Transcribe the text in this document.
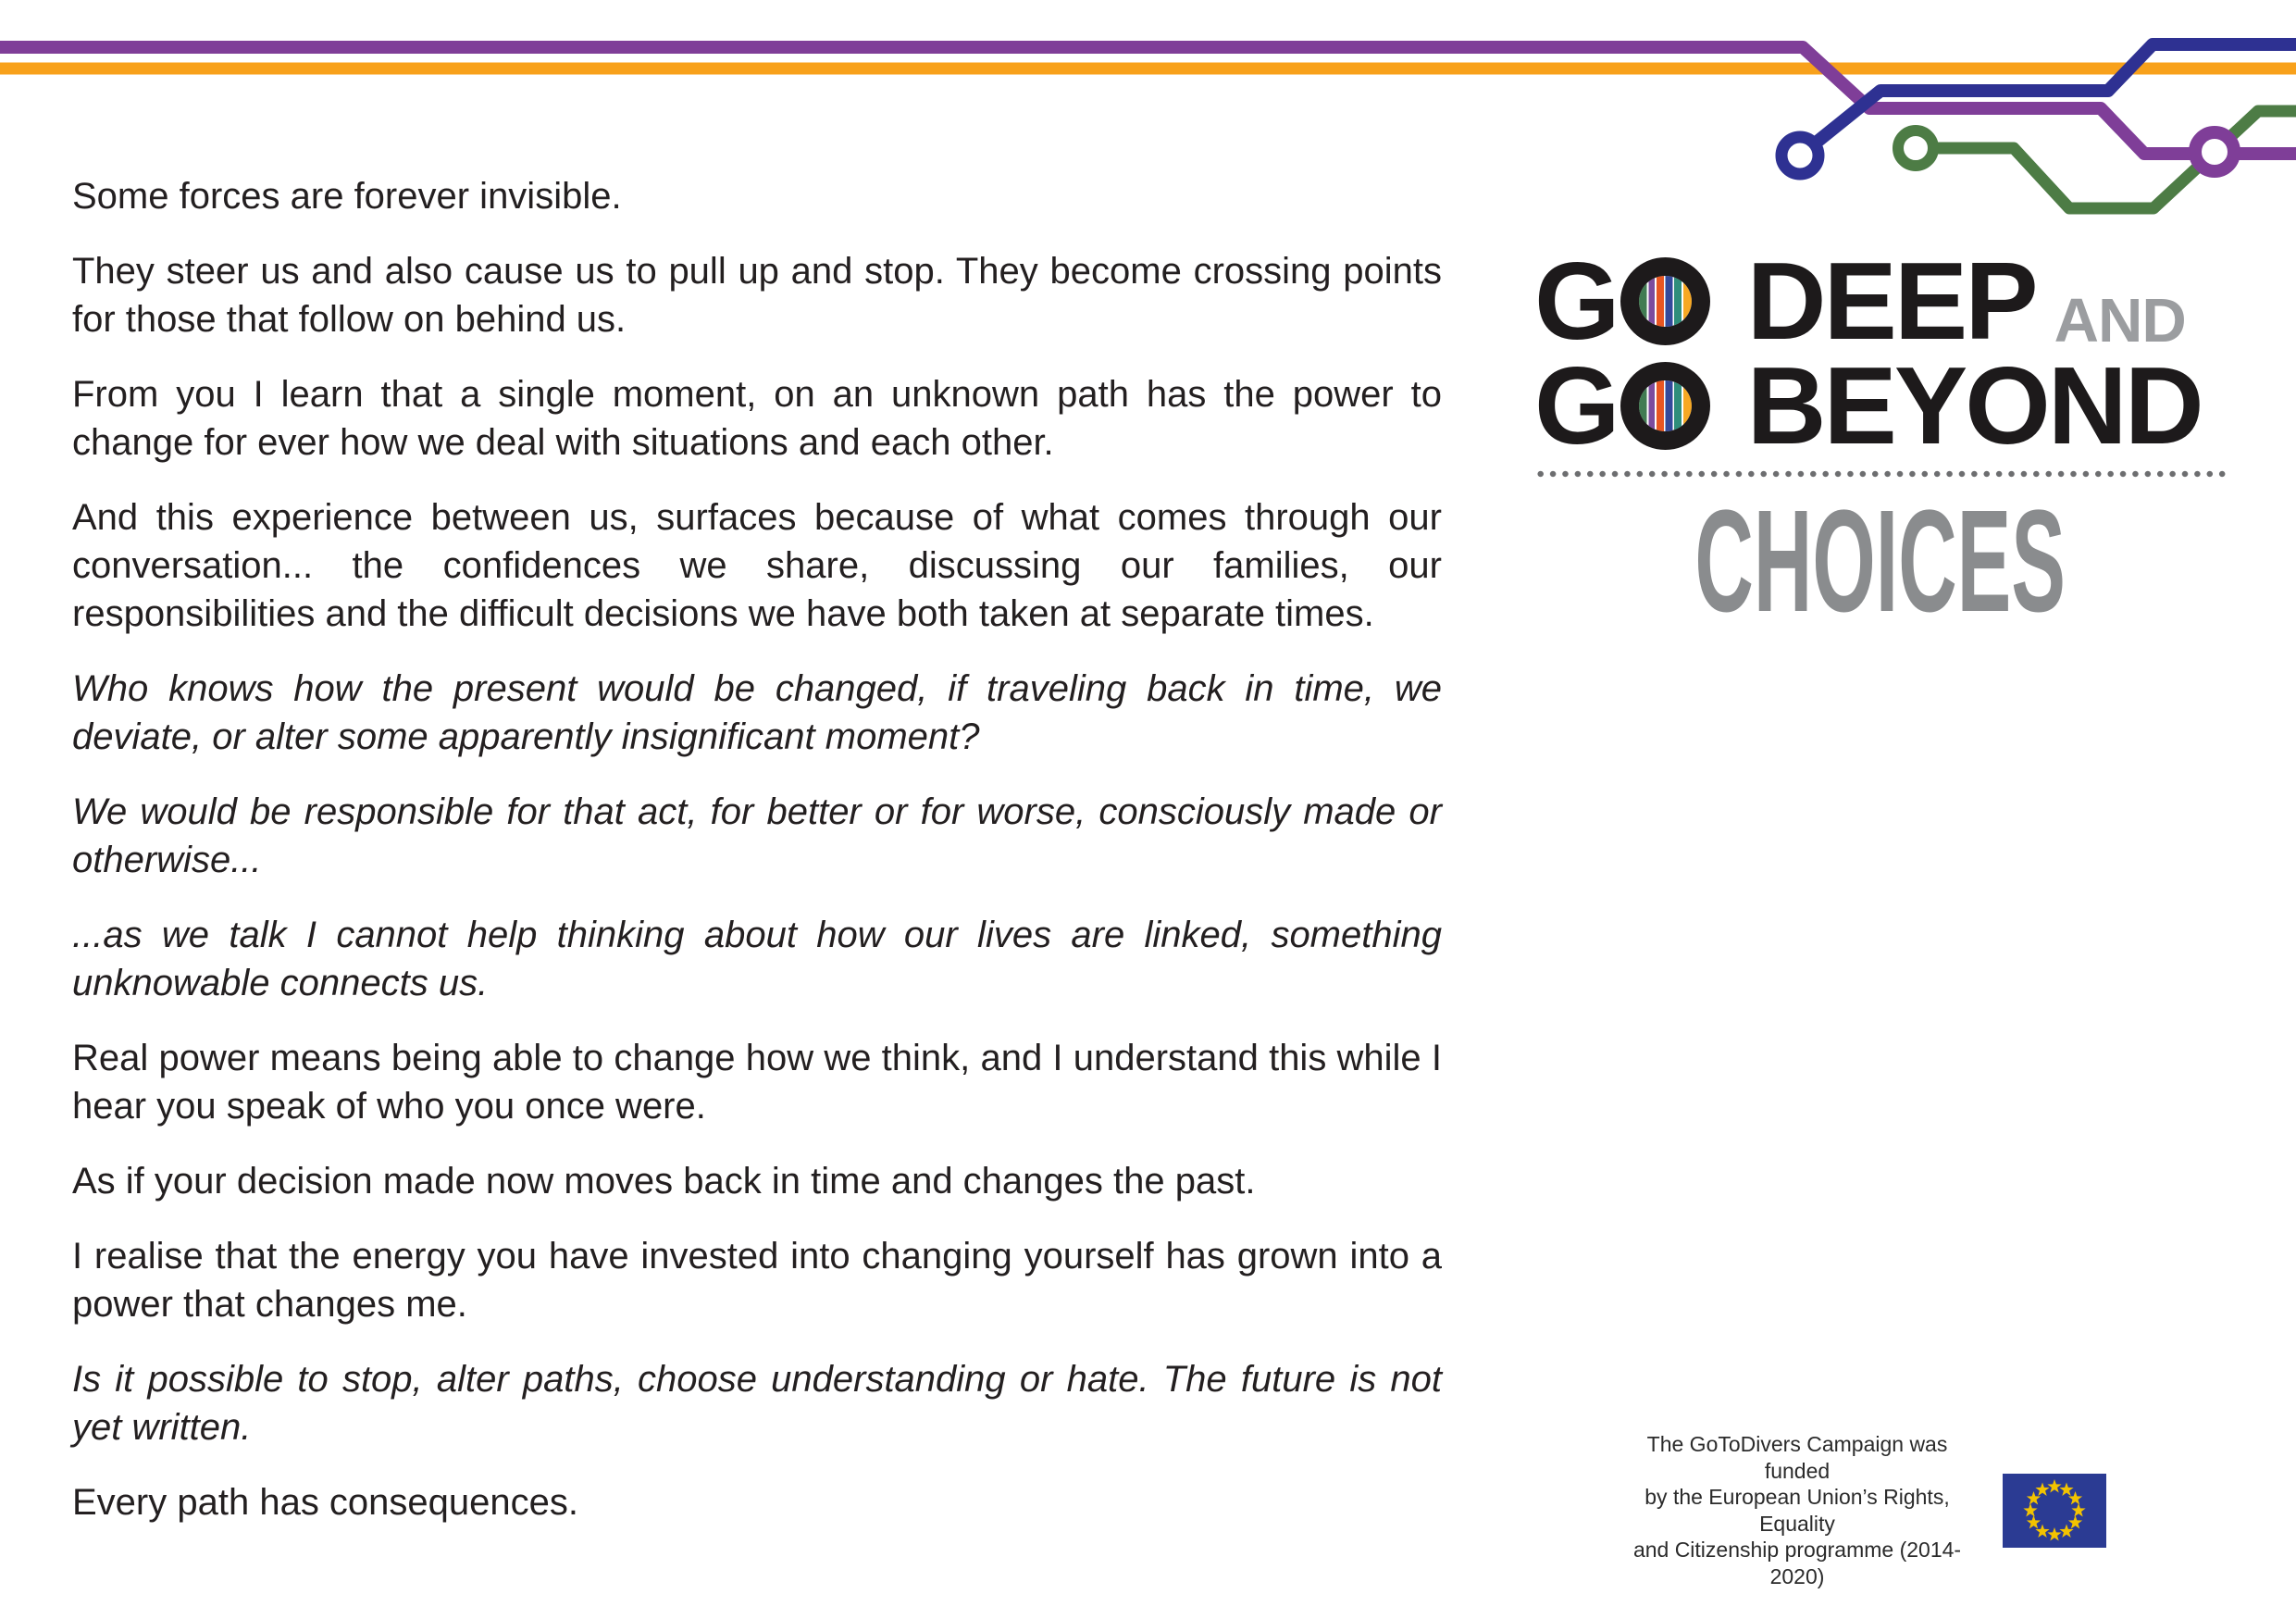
Some forces are forever invisible.

They steer us and also cause us to pull up and stop. They become crossing points for those that follow on behind us.

From you I learn that a single moment, on an unknown path has the power to change for ever how we deal with situations and each other.

And this experience between us, surfaces because of what comes through our conversation... the confidences we share, discussing our families, our responsibilities and the difficult decisions we have both taken at separate times.

Who knows how the present would be changed, if traveling back in time, we deviate, or alter some apparently insignificant moment?

We would be responsible for that act, for better or for worse, consciously made or otherwise...

...as we talk I cannot help thinking about how our lives are linked, something unknowable connects us.

Real power means being able to change how we think, and I understand this while I hear you speak of who you once were.

As if your decision made now moves back in time and changes the past.

I realise that the energy you have invested into changing yourself has grown into a power that changes me.

Is it possible to stop, alter paths, choose understanding or hate. The future is not yet written.

Every path has consequences.

G DEEP AND
G BEYOND
CHOICES
The GoToDivers Campaign was funded
by the European Union’s Rights, Equality
and Citizenship programme (2014-2020)
